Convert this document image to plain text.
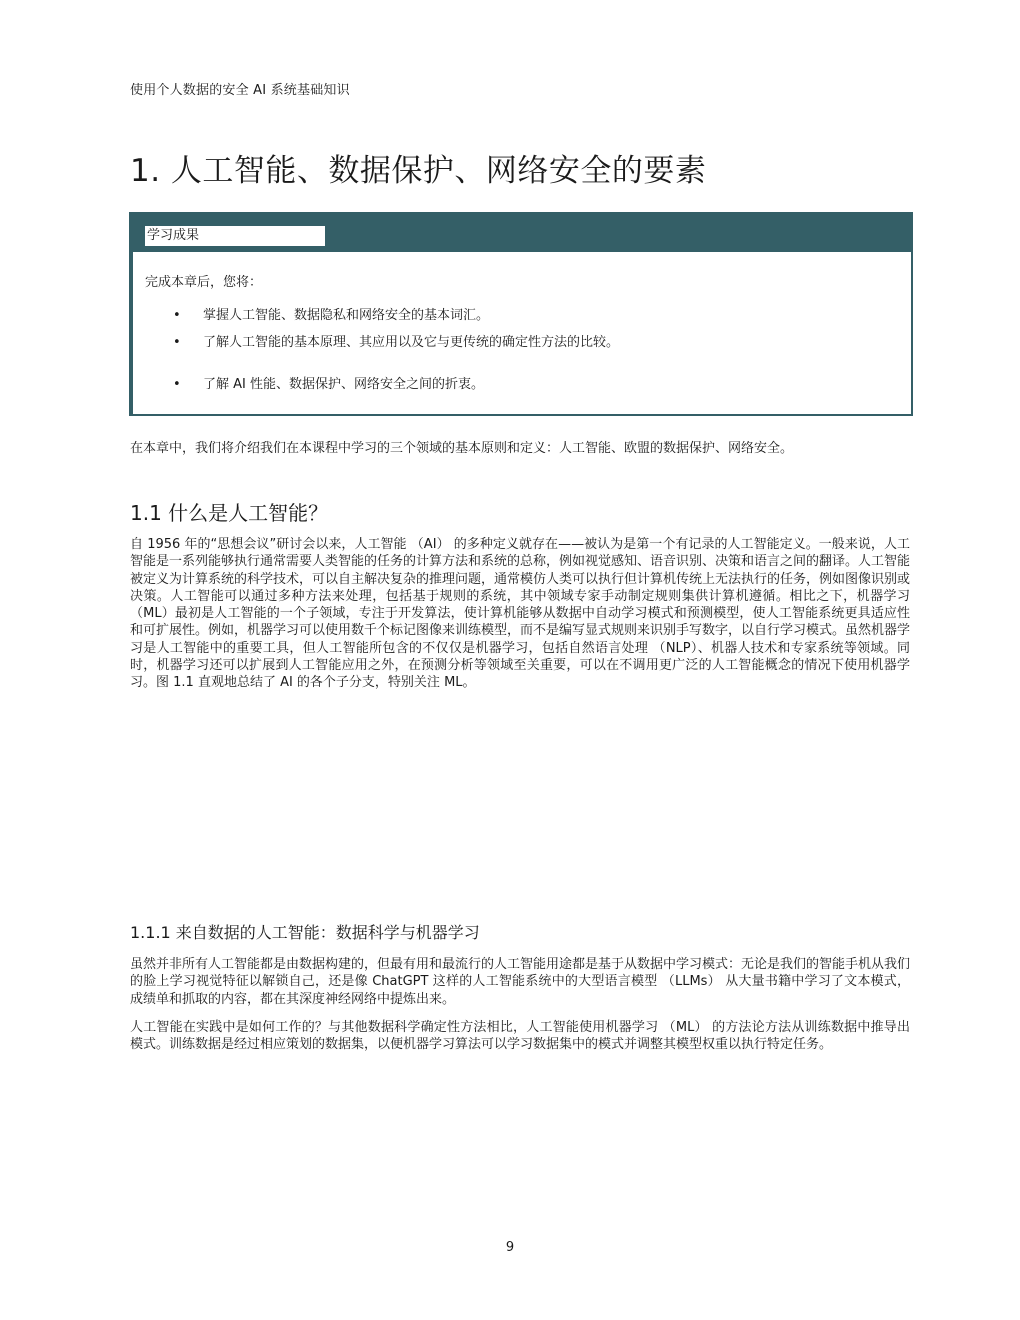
使用个人数据的安全 AI 系统基础知识
1. 人工智能、数据保护、网络安全的要素
学习成果
完成本章后，您将：
• 掌握人工智能、数据隐私和网络安全的基本词汇。
• 了解人工智能的基本原理、其应用以及它与更传统的确定性方法的比较。
• 了解 AI 性能、数据保护、网络安全之间的折衷。

在本章中，我们将介绍我们在本课程中学习的三个领域的基本原则和定义：人工智能、欧盟的数据保护、网络安全。

1.1 什么是人工智能？

自 1956 年的“思想会议”研讨会以来，人工智能 （AI） 的多种定义就存在——被认为是第一个有记录的人工智能定义。一般来说，人工智能是一系列能够执行通常需要人类智能的任务的计算方法和系统的总称，例如视觉感知、语音识别、决策和语言之间的翻译。人工智能被定义为计算系统的科学技术，可以自主解决复杂的推理问题，通常模仿人类可以执行但计算机传统上无法执行的任务，例如图像识别或决策。人工智能可以通过多种方法来处理，包括基于规则的系统，其中领域专家手动制定规则集供计算机遵循。相比之下，机器学习（ML）最初是人工智能的一个子领域，专注于开发算法，使计算机能够从数据中自动学习模式和预测模型，使人工智能系统更具适应性和可扩展性。例如，机器学习可以使用数千个标记图像来训练模型，而不是编写显式规则来识别手写数字，以自行学习模式。虽然机器学习是人工智能中的重要工具，但人工智能所包含的不仅仅是机器学习，包括自然语言处理 （NLP）、机器人技术和专家系统等领域。同时，机器学习还可以扩展到人工智能应用之外，在预测分析等领域至关重要，可以在不调用更广泛的人工智能概念的情况下使用机器学习。图 1.1 直观地总结了 AI 的各个子分支，特别关注 ML。

1.1.1 来自数据的人工智能：数据科学与机器学习

虽然并非所有人工智能都是由数据构建的，但最有用和最流行的人工智能用途都是基于从数据中学习模式：无论是我们的智能手机从我们的脸上学习视觉特征以解锁自己，还是像 ChatGPT 这样的人工智能系统中的大型语言模型 （LLMs） 从大量书籍中学习了文本模式， 成绩单和抓取的内容，都在其深度神经网络中提炼出来。

人工智能在实践中是如何工作的？与其他数据科学确定性方法相比，人工智能使用机器学习 （ML） 的方法论方法从训练数据中推导出模式。训练数据是经过相应策划的数据集，以便机器学习算法可以学习数据集中的模式并调整其模型权重以执行特定任务。

9
